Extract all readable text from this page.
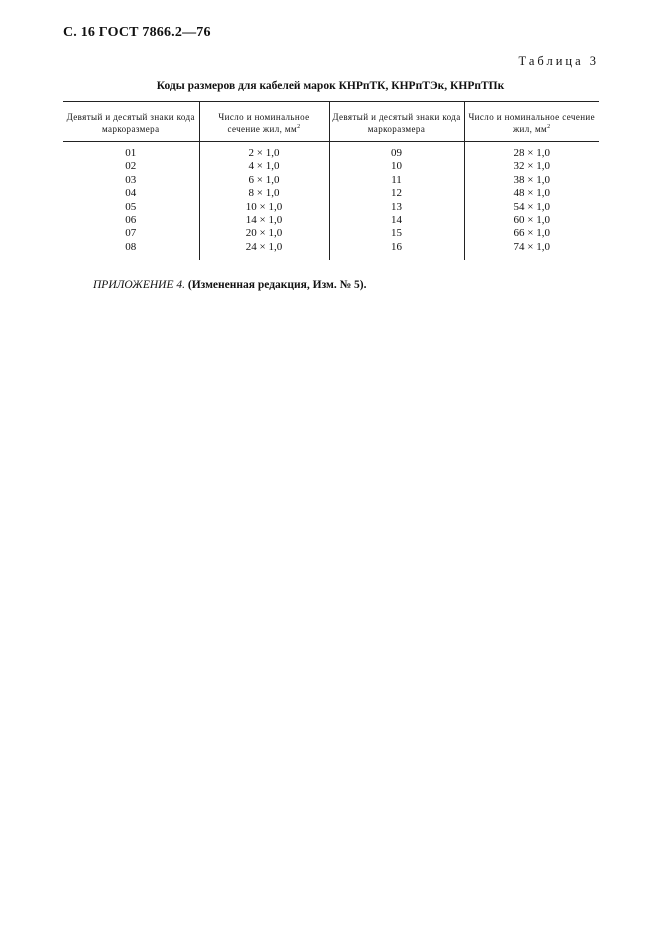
С. 16 ГОСТ 7866.2—76
Таблица 3
Коды размеров для кабелей марок КНРпТК, КНРпТЭк, КНРпТПк
Девятый и десятый знаки кода маркоразмера	Число и номинальное сечение жил, $мм^2$	Девятый и десятый знаки кода маркоразмера	Число и номинальное сечение жил, $мм^2$
01	2 × 1,0	09	28 × 1,0
02	4 × 1,0	10	32 × 1,0
03	6 × 1,0	11	38 × 1,0
04	8 × 1,0	12	48 × 1,0
05	10 × 1,0	13	54 × 1,0
06	14 × 1,0	14	60 × 1,0
07	20 × 1,0	15	66 × 1,0
08	24 × 1,0	16	74 × 1,0
ПРИЛОЖЕНИЕ 4. (Измененная редакция, Изм. № 5).
